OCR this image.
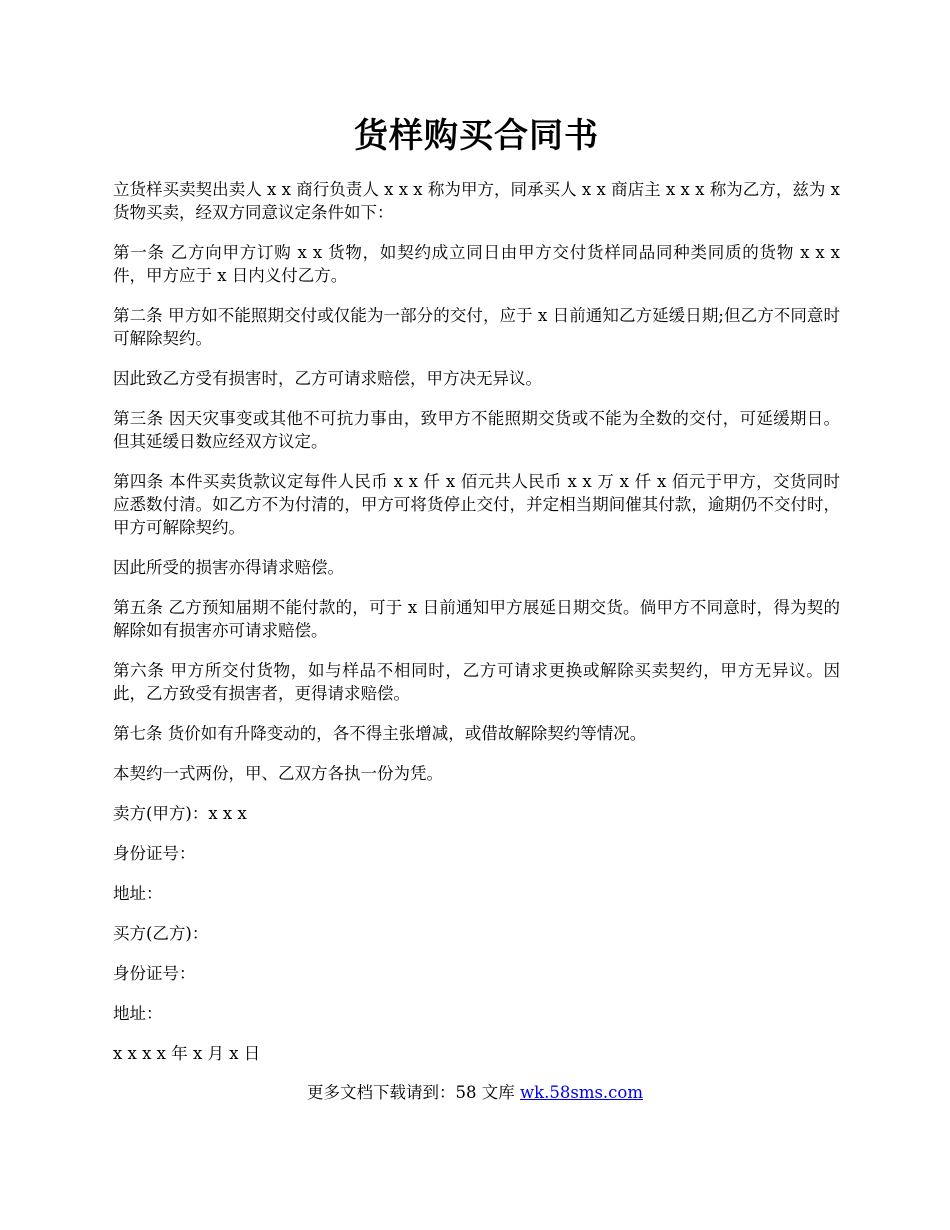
货样购买合同书

立货样买卖契出卖人 x x 商行负责人 x x x 称为甲方，同承买人 x x 商店主 x x x 称为乙方，兹为 x 货物买卖，经双方同意议定条件如下：

第一条 乙方向甲方订购 x x 货物，如契约成立同日由甲方交付货样同品同种类同质的货物 x x x 件，甲方应于 x 日内义付乙方。

第二条 甲方如不能照期交付或仅能为一部分的交付，应于 x 日前通知乙方延缓日期;但乙方不同意时可解除契约。

因此致乙方受有损害时，乙方可请求赔偿，甲方决无异议。

第三条 因天灾事变或其他不可抗力事由，致甲方不能照期交货或不能为全数的交付，可延缓期日。但其延缓日数应经双方议定。

第四条 本件买卖货款议定每件人民币 x x 仟 x 佰元共人民币 x x 万 x 仟 x 佰元于甲方，交货同时应悉数付清。如乙方不为付清的，甲方可将货停止交付，并定相当期间催其付款，逾期仍不交付时，甲方可解除契约。

因此所受的损害亦得请求赔偿。

第五条 乙方预知届期不能付款的，可于 x 日前通知甲方展延日期交货。倘甲方不同意时，得为契的解除如有损害亦可请求赔偿。

第六条 甲方所交付货物，如与样品不相同时，乙方可请求更换或解除买卖契约，甲方无异议。因此，乙方致受有损害者，更得请求赔偿。

第七条 货价如有升降变动的，各不得主张增减，或借故解除契约等情况。

本契约一式两份，甲、乙双方各执一份为凭。

卖方(甲方)：x x x

身份证号：

地址：

买方(乙方)：

身份证号：

地址：

x x x x 年 x 月 x 日

更多文档下载请到：58 文库 wk.58sms.com
